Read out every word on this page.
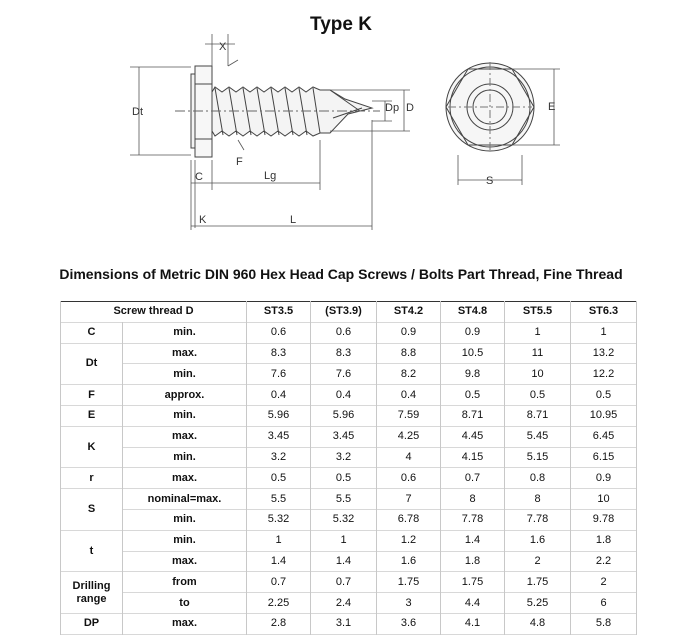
Type K
X
Dt
F
C	Lg
K	L
Dp D	E
S
Dimensions of Metric DIN 960 Hex Head Cap Screws / Bolts Part Thread, Fine Thread
Screw thread D		ST3.5	(ST3.9)	ST4.2	ST4.8	ST5.5	ST6.3
C	min.	0.6	0.6	0.9	0.9	1	1
Dt	max.	8.3	8.3	8.8	10.5	11	13.2
	min.	7.6	7.6	8.2	9.8	10	12.2
F	approx.	0.4	0.4	0.4	0.5	0.5	0.5
E	min.	5.96	5.96	7.59	8.71	8.71	10.95
K	max.	3.45	3.45	4.25	4.45	5.45	6.45
	min.	3.2	3.2	4	4.15	5.15	6.15
r	max.	0.5	0.5	0.6	0.7	0.8	0.9
S	nominal=max.	5.5	5.5	7	8	8	10
	min.	5.32	5.32	6.78	7.78	7.78	9.78
t	min.	1	1	1.2	1.4	1.6	1.8
	max.	1.4	1.4	1.6	1.8	2	2.2
Drilling range	from	0.7	0.7	1.75	1.75	1.75	2
	to	2.25	2.4	3	4.4	5.25	6
DP	max.	2.8	3.1	3.6	4.1	4.8	5.8
